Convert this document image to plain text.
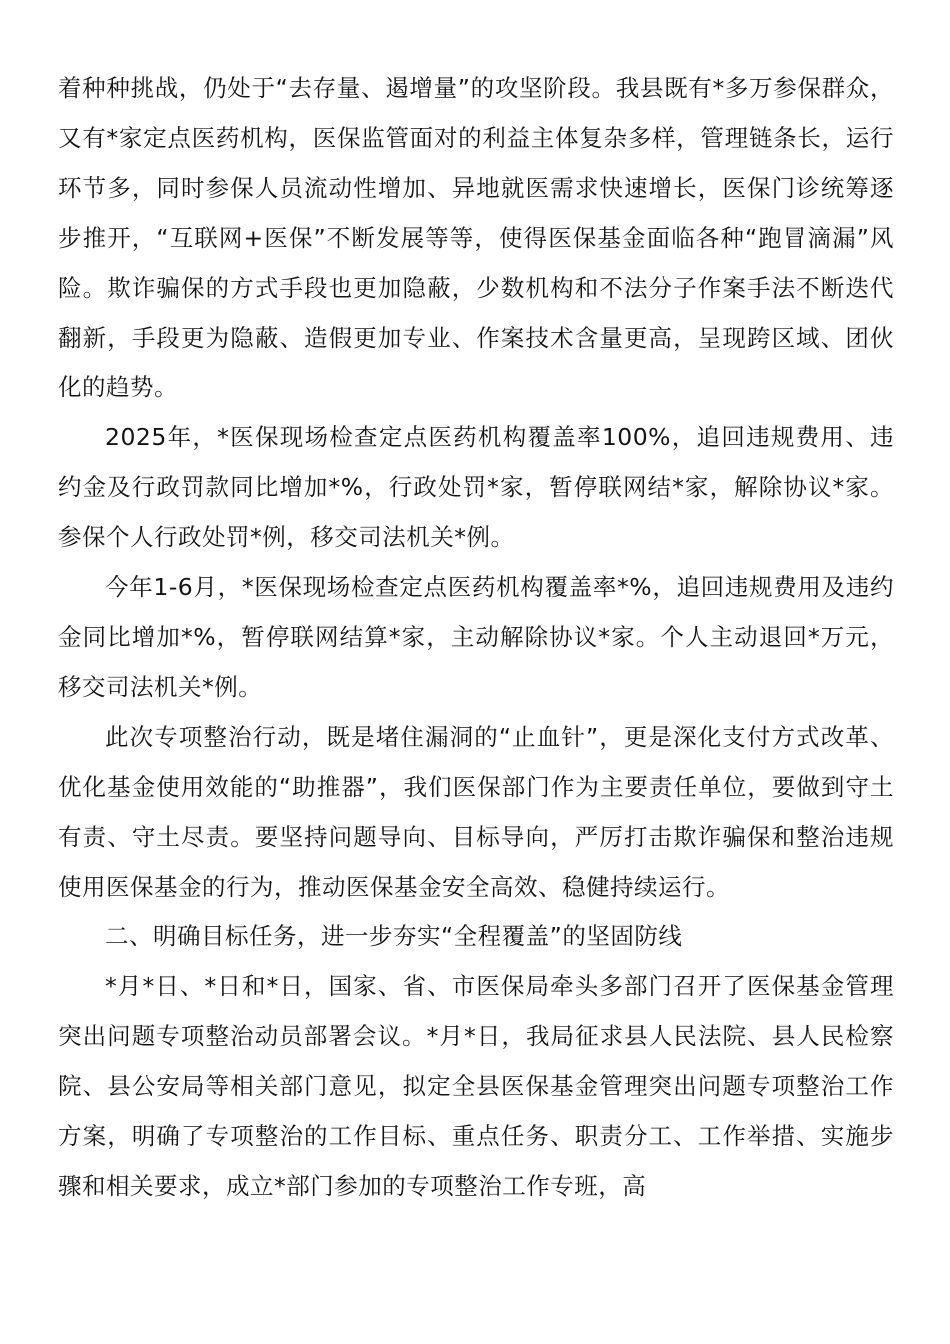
着种种挑战，仍处于“去存量、遏增量”的攻坚阶段。我县既有*多万参保群众，又有*家定点医药机构，医保监管面对的利益主体复杂多样，管理链条长，运行环节多，同时参保人员流动性增加、异地就医需求快速增长，医保门诊统筹逐步推开，“互联网+医保”不断发展等等，使得医保基金面临各种“跑冒滴漏”风险。欺诈骗保的方式手段也更加隐蔽，少数机构和不法分子作案手法不断迭代翻新，手段更为隐蔽、造假更加专业、作案技术含量更高，呈现跨区域、团伙化的趋势。

2025年，*医保现场检查定点医药机构覆盖率100%，追回违规费用、违约金及行政罚款同比增加*%，行政处罚*家，暂停联网结*家，解除协议*家。参保个人行政处罚*例，移交司法机关*例。

今年1-6月，*医保现场检查定点医药机构覆盖率*%，追回违规费用及违约金同比增加*%，暂停联网结算*家，主动解除协议*家。个人主动退回*万元，移交司法机关*例。

此次专项整治行动，既是堵住漏洞的“止血针”，更是深化支付方式改革、优化基金使用效能的“助推器”，我们医保部门作为主要责任单位，要做到守土有责、守土尽责。要坚持问题导向、目标导向，严厉打击欺诈骗保和整治违规使用医保基金的行为，推动医保基金安全高效、稳健持续运行。

二、明确目标任务，进一步夯实“全程覆盖”的坚固防线

*月*日、*日和*日，国家、省、市医保局牵头多部门召开了医保基金管理突出问题专项整治动员部署会议。*月*日，我局征求县人民法院、县人民检察院、县公安局等相关部门意见，拟定全县医保基金管理突出问题专项整治工作方案，明确了专项整治的工作目标、重点任务、职责分工、工作举措、实施步骤和相关要求，成立*部门参加的专项整治工作专班，高
